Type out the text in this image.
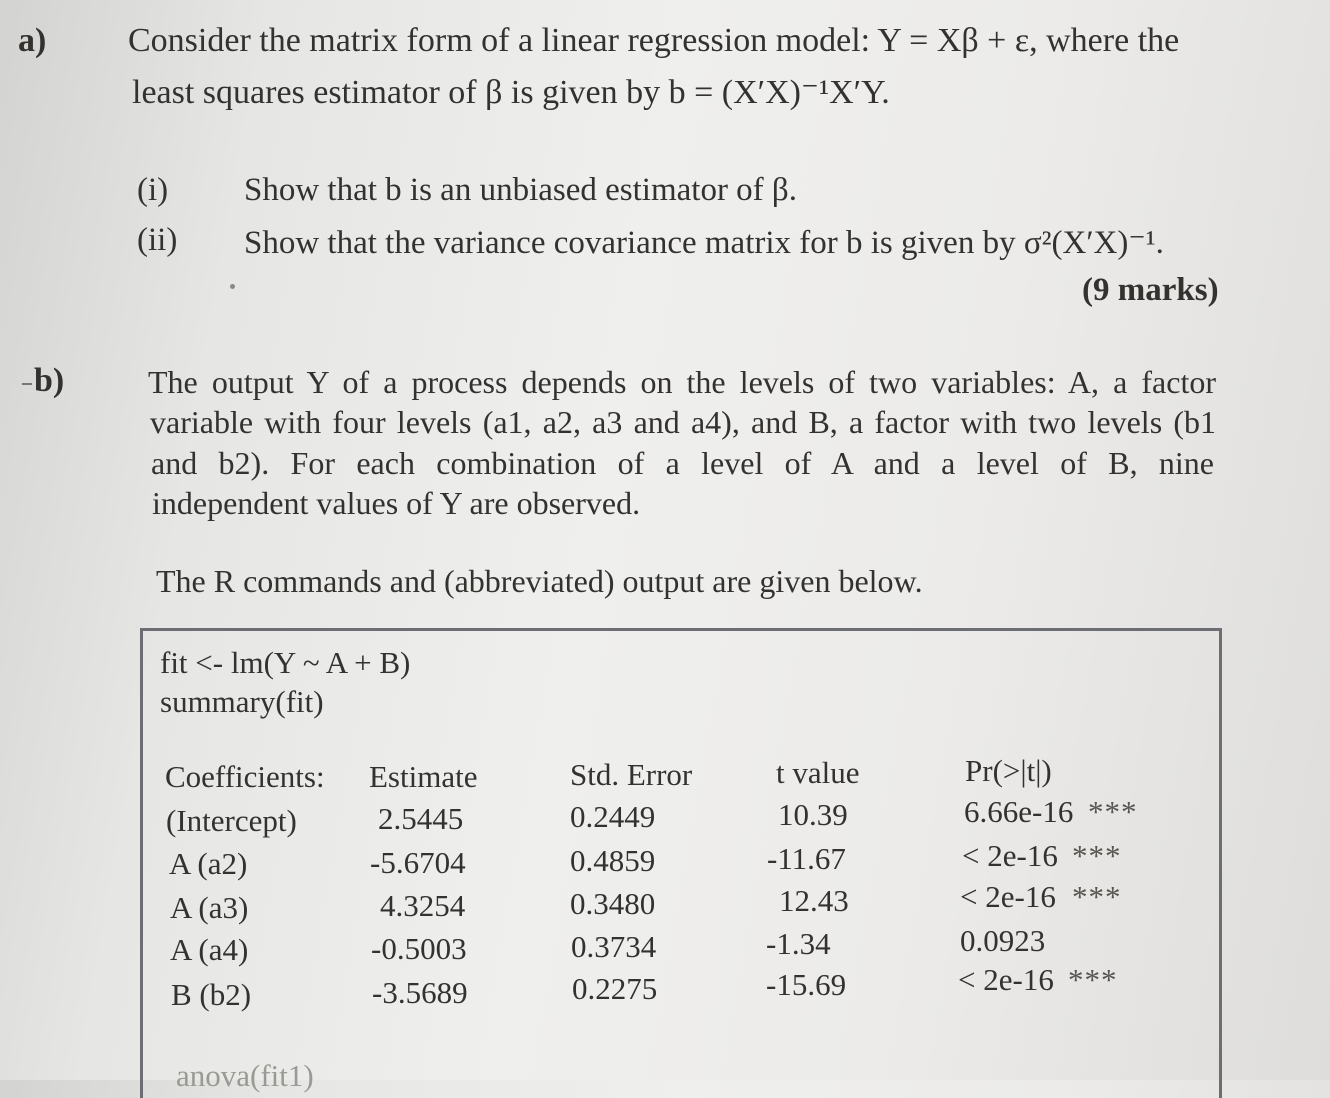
a) Consider the matrix form of a linear regression model: Y = Xβ + ε, where the
least squares estimator of β is given by b = (X′X)⁻¹X′Y.
(i) Show that b is an unbiased estimator of β.
(ii) Show that the variance covariance matrix for b is given by σ²(X′X)⁻¹.
(9 marks)
b)	The output Y of a process depends on the levels of two variables: A, a factor
variable with four levels (a1, a2, a3 and a4), and B, a factor with two levels (b1
and b2). For each combination of a level of A and a level of B, nine
independent values of Y are observed.
The R commands and (abbreviated) output are given below.
fit <- lm(Y ~ A + B)
summary(fit)
Coefficients: Estimate	Std. Error	t value	Pr(>|t|)
(Intercept)	2.5445	0.2449	10.39	6.66e-16 ***
A (a2)	-5.6704	0.4859	-11.67	< 2e-16 ***
A (a3)	4.3254	0.3480	12.43	< 2e-16 ***
A (a4)	-0.5003	0.3734	-1.34	0.0923
B (b2)	-3.5689	0.2275	-15.69	< 2e-16 ***
anova(fit1)
